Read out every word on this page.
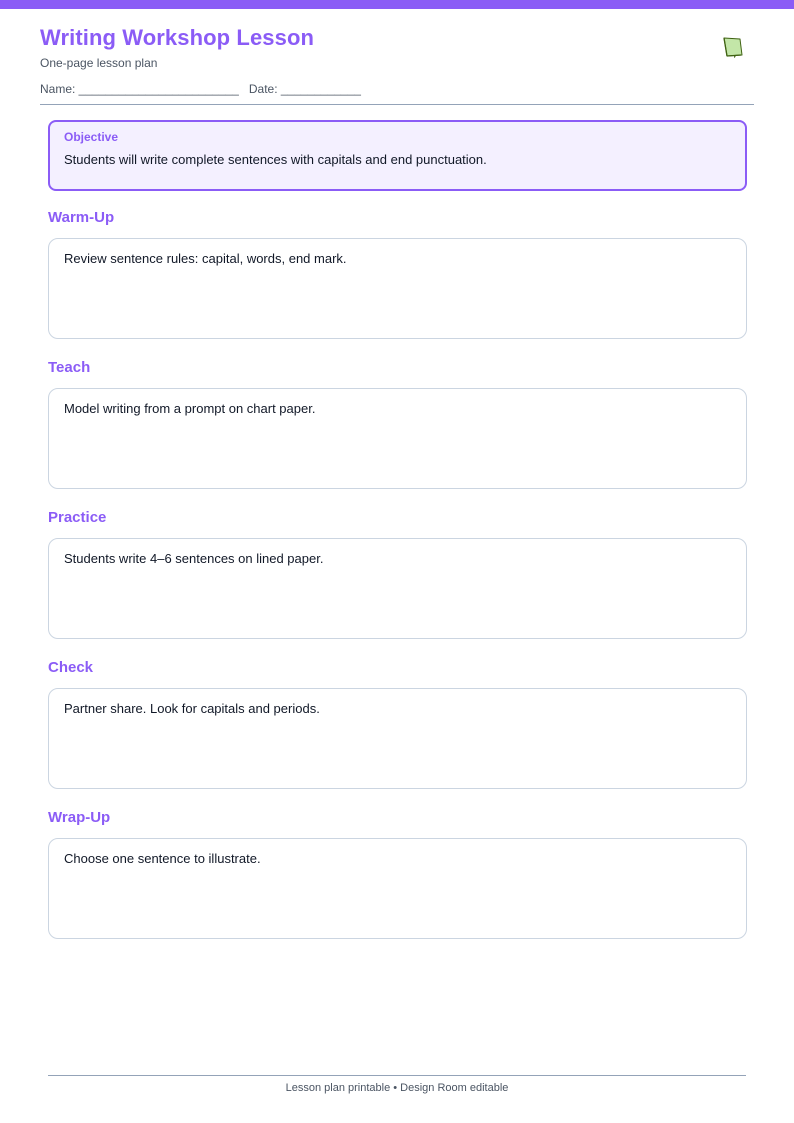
Writing Workshop Lesson
One-page lesson plan
Name: ________________________   Date: ____________
Objective
Students will write complete sentences with capitals and end punctuation.
Warm-Up
Review sentence rules: capital, words, end mark.
Teach
Model writing from a prompt on chart paper.
Practice
Students write 4–6 sentences on lined paper.
Check
Partner share. Look for capitals and periods.
Wrap-Up
Choose one sentence to illustrate.
Lesson plan printable • Design Room editable
